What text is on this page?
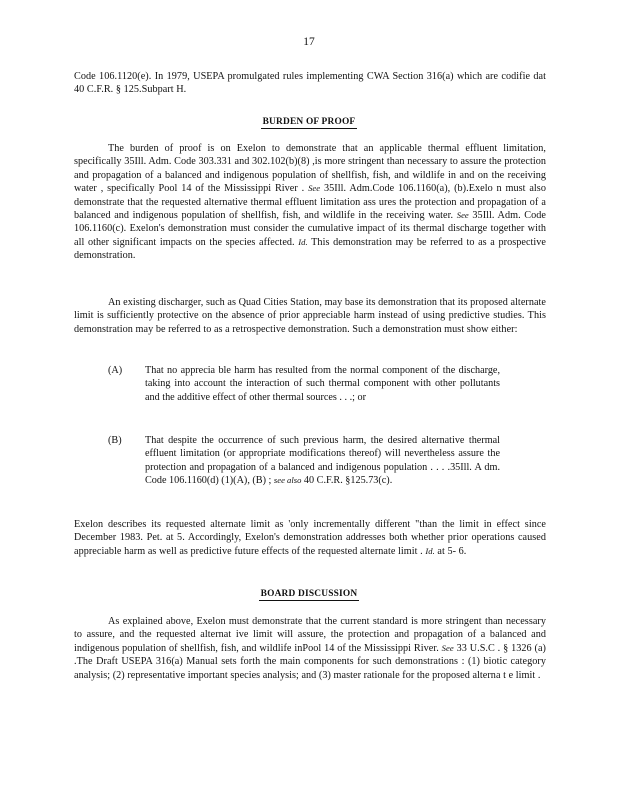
17

Code 106.1120(e). In 1979, USEPA promulgated rules implementing CWA Section 316(a) which are codifie dat 40 C.F.R. § 125.Subpart H.

BURDEN OF PROOF

The burden of proof is on Exelon to demonstrate that an applicable thermal effluent limitation, specifically 35Ill. Adm. Code 303.331 and 302.102(b)(8) ,is more stringent than necessary to assure the protection and propagation of a balanced and indigenous population of shellfish, fish, and wildlife in and on the receiving water , specifically Pool 14 of the Mississippi River . See 35Ill. Adm.Code 106.1160(a), (b).Exelo n must also demonstrate that the requested alternative thermal effluent limitation ass ures the protection and propagation of a balanced and indigenous population of shellfish, fish, and wildlife in the receiving water. See 35Ill. Adm. Code 106.1160(c). Exelon's demonstration must consider the cumulative impact of its thermal discharge together with all other significant impacts on the species affected. Id. This demonstration may be referred to as a prospective demonstration.

An existing discharger, such as Quad Cities Station, may base its demonstration that its proposed alternate limit is sufficiently protective on the absence of prior appreciable harm instead of using predictive studies. This demonstration may be referred to as a retrospective demonstration. Such a demonstration must show either:

(A)	That no apprecia ble harm has resulted from the normal component of the discharge, taking into account the interaction of such thermal component with other pollutants and the additive effect of other thermal sources . . .; or
(B)	That despite the occurrence of such previous harm, the desired alternative thermal effluent limitation (or appropriate modifications thereof) will nevertheless assure the protection and propagation of a balanced and indigenous population . . . .35Ill. A dm. Code 106.1160(d) (1)(A), (B) ; see also 40 C.F.R. §125.73(c).

Exelon describes its requested alternate limit as 'only incrementally different "than the limit in effect since December 1983. Pet. at 5. Accordingly, Exelon's demonstration addresses both whether prior operations caused appreciable harm as well as predictive future effects of the requested alternate limit . Id. at 5- 6.

BOARD DISCUSSION

As explained above, Exelon must demonstrate that the current standard is more stringent than necessary to assure, and the requested alternat ive limit will assure, the protection and propagation of a balanced and indigenous population of shellfish, fish, and wildlife inPool 14 of the Mississippi River. See 33 U.S.C . § 1326 (a) .The Draft USEPA 316(a) Manual sets forth the main components for such demonstrations : (1) biotic category analysis; (2) representative important species analysis; and (3) master rationale for the proposed alterna t e limit .
